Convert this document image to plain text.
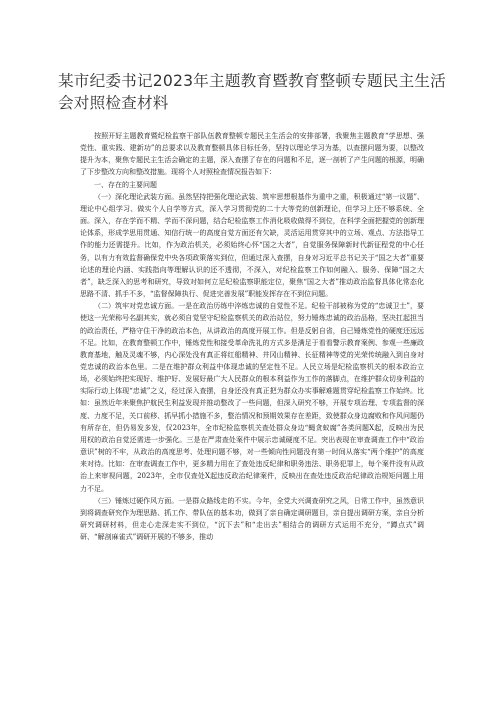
某市纪委书记2023年主题教育暨教育整顿专题民主生活会对照检查材料

按照开好主题教育暨纪检监察干部队伍教育整顿专题民主生活会的安排部署，我聚焦主题教育“学思想、强党性、重实践、建新功”的总要求以及教育整顿具体目标任务，坚持以理论学习为基，以查摆问题为要，以整改提升为本，聚焦专题民主生活会确定的主题，深入查摆了存在的问题和不足，逐一剖析了产生问题的根源，明确了下步整改方向和整改措施。现将个人对照检查情况报告如下：

一、存在的主要问题

（一）深化理论武装方面。虽然坚持把强化理论武装、筑牢思想根基作为重中之重，积极通过“第一议题”、理论中心组学习、做实个人自学等方式，深入学习贯彻党的二十大等党的创新理论，但学习上还不够系统、全面。深入，存在学而不精、学而不深问题，结合纪检监察工作消化吸收做得不到位，在科学全面把握党的创新理论体系，形成学思用贯通、知信行统一的高度自觉方面还有欠缺，灵活运用贯穿其中的立场、观点、方法指导工作的能力还需提升。比如，作为政治机关，必须始终心怀“国之大者”，自觉服务保障新时代新征程党的中心任务，以有力有效监督确保党中央各项政策落实到位，但通过深入查摆，自身对习近平总书记关于“国之大者”重要论述的理论内涵、实践指向等理解认识的还不透彻，不深入，对纪检监察工作如何融入、服务、保障“国之大者”，缺乏深入的思考和研究，导致对如何立足纪检监察职能定位，聚焦“国之大者”推动政治监督具体化常态化思路不清、抓手不多，“监督保障执行、促进完善发展”职能发挥存在不到位问题。

（二）筑牢对党忠诚方面。一是在政治历练中淬炼忠诚的自觉性不足。纪检干部被称为党的“忠诚卫士”，要使这一光荣称号名副其实，就必须自觉坚守纪检监察机关的政治站位，努力锤炼忠诚的政治品格，坚决扛起担当的政治责任，严格守住干净的政治本色，从讲政治的高度开展工作。但是反躬自省，自己锤炼党性的硬度还远远不足。比如，在教育整顿工作中，锤炼党性和接受革命洗礼的方式多是满足于看看警示教育案例、参观一些廉政教育基地，触及灵魂不够，内心深处没有真正将红船精神、井冈山精神、长征精神等党的光荣传统融入到自身对党忠诚的政治本色里。二是在维护群众利益中体现忠诚的坚定性不足。人民立场是纪检监察机关的根本政治立场，必须始终把实现好、维护好、发展好最广大人民群众的根本利益作为工作的落脚点，在维护群众切身利益的实际行动上体现“忠诚”之义，经过深入查摆，自身还没有真正把为群众办实事解难题贯穿纪检监察工作始终。比如：虽然近年来聚焦护航民生利益发现并推动整改了一些问题，但深入研究不够，开展专项治理、专项监督的深度、力度不足，关口前移、抓早抓小措施不多，整治情况和预期效果存在差距，致使群众身边腐败和作风问题仍有所存在，但仍易发多发，仅2023年，全市纪检监察机关查处群众身边“蝇贪蚁腐”各类问题X起，反映出为民用权的政治自觉还需进一步强化。三是在严肃查处案件中展示忠诚硬度不足。突出表现在审查调查工作中“政治意识”树的不牢，从政治的高度思考、处理问题不够，对一些倾向性问题没有第一时间从落实“两个维护”的高度来对待。比如：在审查调查工作中，更多精力用在了查处违反纪律和职务违法、职务犯罪上，每个案件没有从政治上来审视问题，2023年，全市仅查处X起违反政治纪律案件，反映出在查处违反政治纪律政治规矩问题上用力不足。

（三）锤炼过硬作风方面。一是群众路线走的不实。今年，全党大兴调查研究之风，日常工作中，虽然意识到将调查研究作为理思路、抓工作、带队伍的基本功，做到了亲自确定调研题目，亲自提出调研方案，亲自分析研究调研材料，但走心走深走实不到位，“沉下去”和“走出去”相结合的调研方式运用不充分，“蹲点式”调研、“解剖麻雀式”调研开展的不够多，推动
